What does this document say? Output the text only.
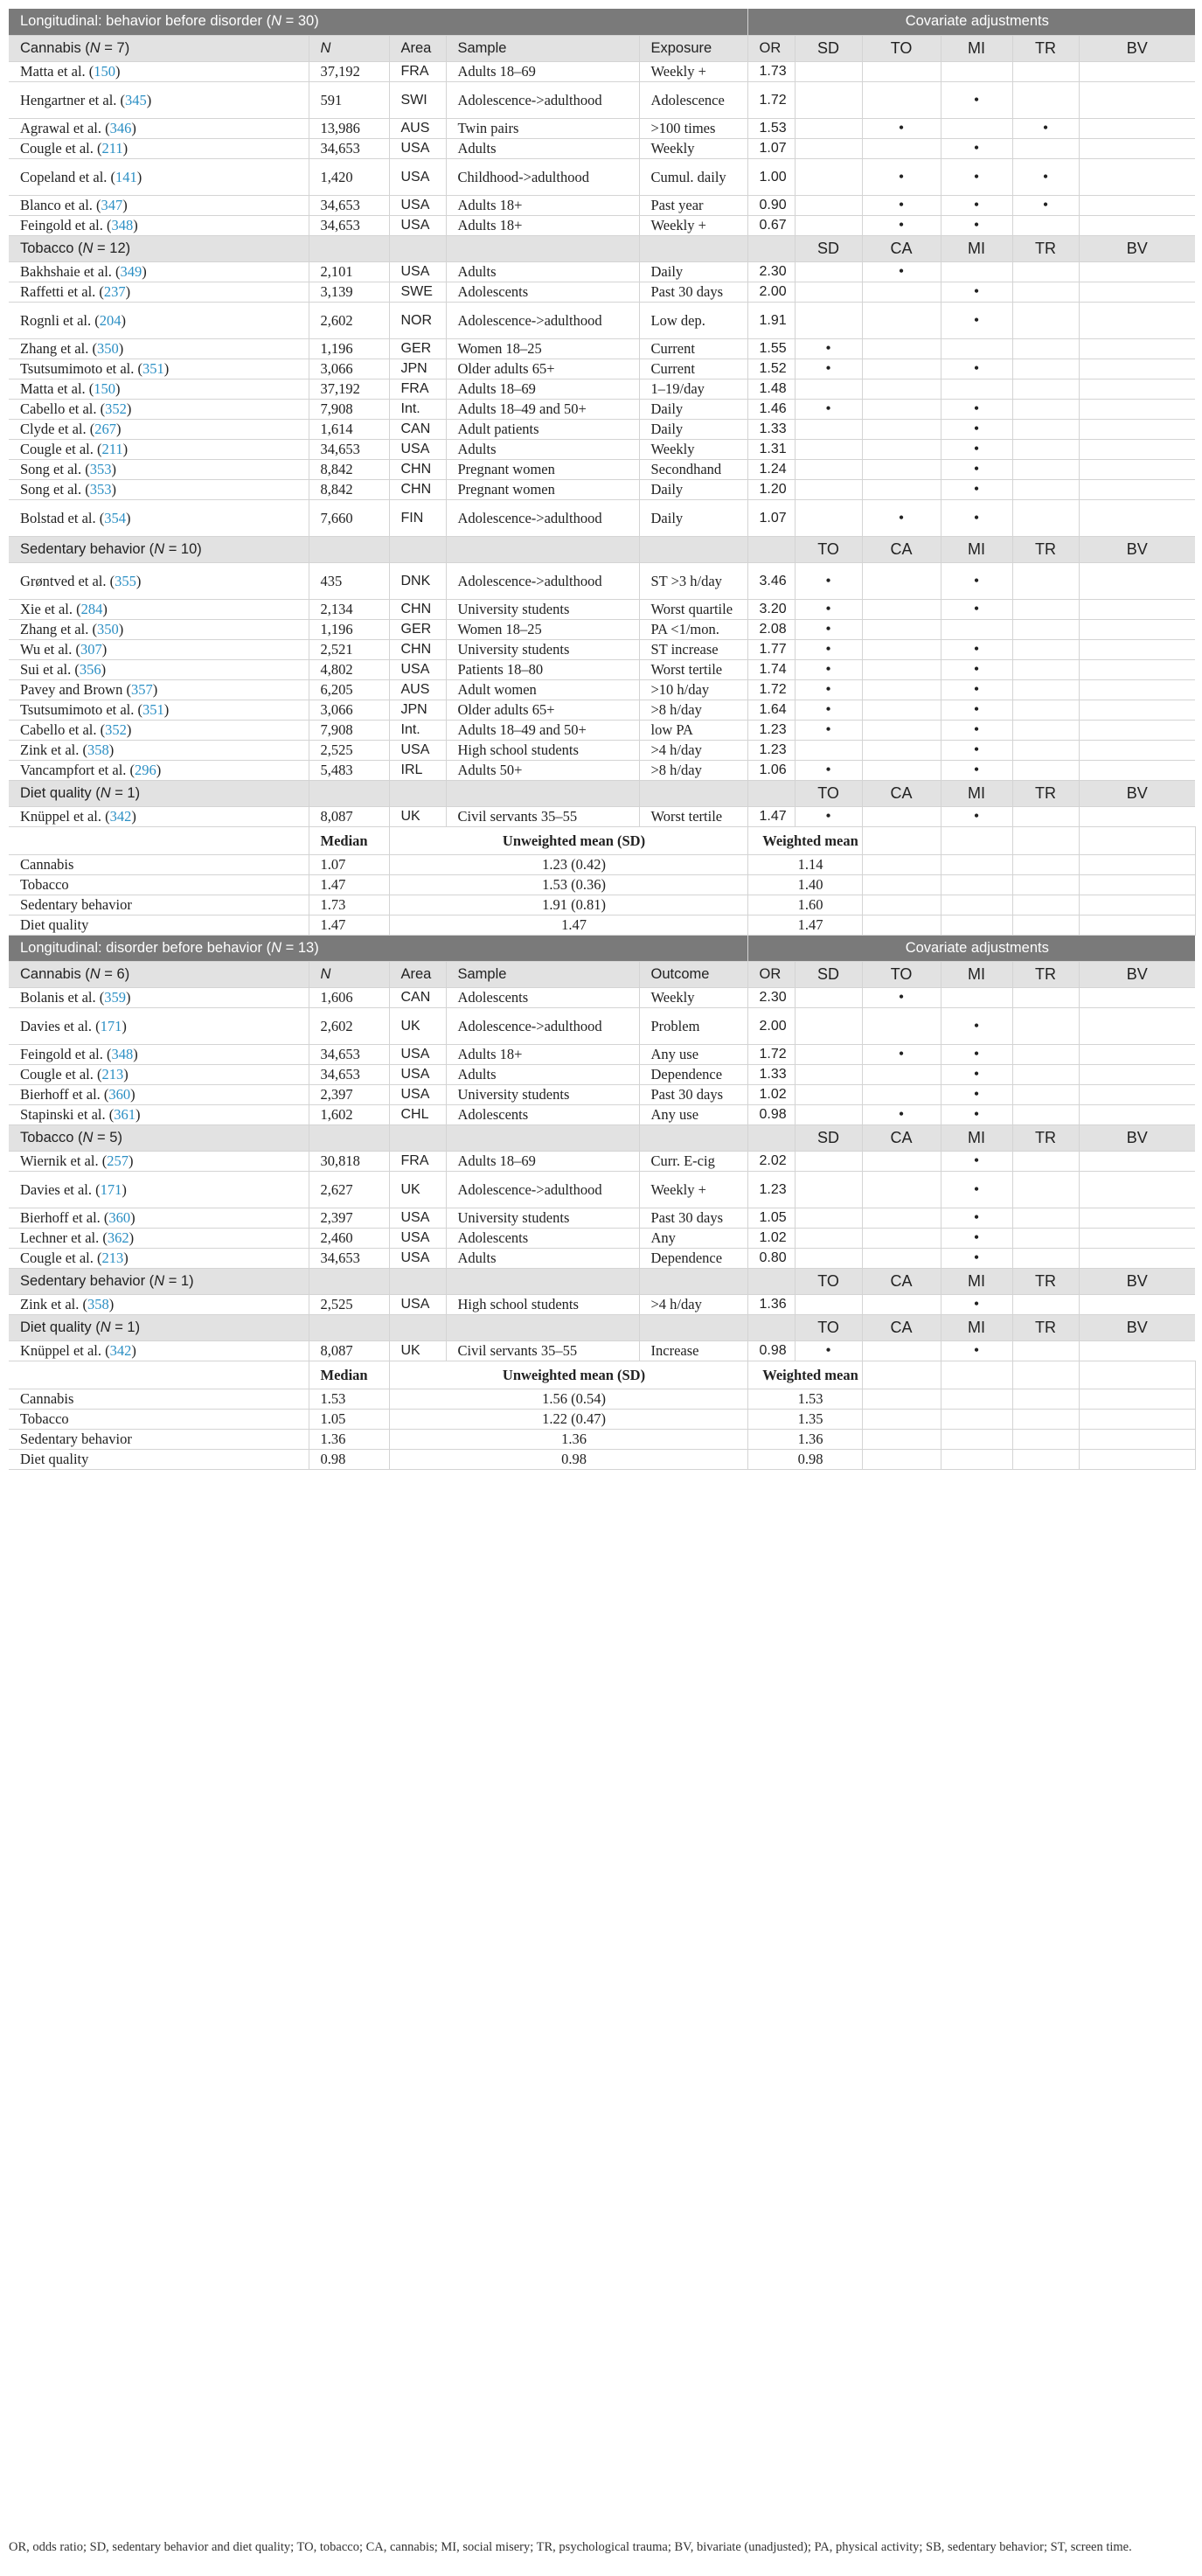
Longitudinal: behavior before disorder (N = 30)					Covariate adjustments						
Cannabis (N = 7)	N	Area	Sample	Exposure	OR	SD	TO	MI	TR	BV	
Matta et al. (150)	37,192	FRA	Adults 18–69	Weekly +	1.73						
Hengartner et al. (345)	591	SWI	Adolescence->adulthood	Adolescence	1.72			•			
Agrawal et al. (346)	13,986	AUS	Twin pairs	>100 times	1.53		•		•		
Cougle et al. (211)	34,653	USA	Adults	Weekly	1.07			•			
Copeland et al. (141)	1,420	USA	Childhood->adulthood	Cumul. daily	1.00		•	•	•		
Blanco et al. (347)	34,653	USA	Adults 18+	Past year	0.90		•	•	•		
Feingold et al. (348)	34,653	USA	Adults 18+	Weekly +	0.67		•	•			
Tobacco (N = 12)						SD	CA	MI	TR	BV	
Bakhshaie et al. (349)	2,101	USA	Adults	Daily	2.30		•				
Raffetti et al. (237)	3,139	SWE	Adolescents	Past 30 days	2.00			•			
Rognli et al. (204)	2,602	NOR	Adolescence->adulthood	Low dep.	1.91			•			
Zhang et al. (350)	1,196	GER	Women 18–25	Current	1.55	•					
Tsutsumimoto et al. (351)	3,066	JPN	Older adults 65+	Current	1.52	•		•			
Matta et al. (150)	37,192	FRA	Adults 18–69	1–19/day	1.48						
Cabello et al. (352)	7,908	Int.	Adults 18–49 and 50+	Daily	1.46	•		•			
Clyde et al. (267)	1,614	CAN	Adult patients	Daily	1.33			•			
Cougle et al. (211)	34,653	USA	Adults	Weekly	1.31			•			
Song et al. (353)	8,842	CHN	Pregnant women	Secondhand	1.24			•			
Song et al. (353)	8,842	CHN	Pregnant women	Daily	1.20			•			
Bolstad et al. (354)	7,660	FIN	Adolescence->adulthood	Daily	1.07		•	•			
Sedentary behavior (N = 10)						TO	CA	MI	TR	BV	
Grøntved et al. (355)	435	DNK	Adolescence->adulthood	ST >3 h/day	3.46	•		•			
Xie et al. (284)	2,134	CHN	University students	Worst quartile	3.20	•		•			
Zhang et al. (350)	1,196	GER	Women 18–25	PA <1/mon.	2.08	•					
Wu et al. (307)	2,521	CHN	University students	ST increase	1.77	•		•			
Sui et al. (356)	4,802	USA	Patients 18–80	Worst tertile	1.74	•		•			
Pavey and Brown (357)	6,205	AUS	Adult women	>10 h/day	1.72	•		•			
Tsutsumimoto et al. (351)	3,066	JPN	Older adults 65+	>8 h/day	1.64	•		•			
Cabello et al. (352)	7,908	Int.	Adults 18–49 and 50+	low PA	1.23	•		•			
Zink et al. (358)	2,525	USA	High school students	>4 h/day	1.23			•			
Vancampfort et al. (296)	5,483	IRL	Adults 50+	>8 h/day	1.06	•		•			
Diet quality (N = 1)						TO	CA	MI	TR	BV	
Knüppel et al. (342)	8,087	UK	Civil servants 35–55	Worst tertile	1.47	•		•			
	Median	Unweighted mean (SD)			Weighted mean						
Cannabis	1.07	1.23 (0.42)			1.14						
Tobacco	1.47	1.53 (0.36)			1.40						
Sedentary behavior	1.73	1.91 (0.81)			1.60						
Diet quality	1.47	1.47			1.47						
Longitudinal: disorder before behavior (N = 13)					Covariate adjustments						
Cannabis (N = 6)	N	Area	Sample	Outcome	OR	SD	TO	MI	TR	BV	
Bolanis et al. (359)	1,606	CAN	Adolescents	Weekly	2.30		•				
Davies et al. (171)	2,602	UK	Adolescence->adulthood	Problem	2.00			•			
Feingold et al. (348)	34,653	USA	Adults 18+	Any use	1.72		•	•			
Cougle et al. (213)	34,653	USA	Adults	Dependence	1.33			•			
Bierhoff et al. (360)	2,397	USA	University students	Past 30 days	1.02			•			
Stapinski et al. (361)	1,602	CHL	Adolescents	Any use	0.98		•	•			
Tobacco (N = 5)						SD	CA	MI	TR	BV	
Wiernik et al. (257)	30,818	FRA	Adults 18–69	Curr. E-cig	2.02			•			
Davies et al. (171)	2,627	UK	Adolescence->adulthood	Weekly +	1.23			•			
Bierhoff et al. (360)	2,397	USA	University students	Past 30 days	1.05			•			
Lechner et al. (362)	2,460	USA	Adolescents	Any	1.02			•			
Cougle et al. (213)	34,653	USA	Adults	Dependence	0.80			•			
Sedentary behavior (N = 1)						TO	CA	MI	TR	BV	
Zink et al. (358)	2,525	USA	High school students	>4 h/day	1.36			•			
Diet quality (N = 1)						TO	CA	MI	TR	BV	
Knüppel et al. (342)	8,087	UK	Civil servants 35–55	Increase	0.98	•		•			
	Median	Unweighted mean (SD)			Weighted mean						
Cannabis	1.53	1.56 (0.54)			1.53						
Tobacco	1.05	1.22 (0.47)			1.35						
Sedentary behavior	1.36	1.36			1.36						
Diet quality	0.98	0.98			0.98						
OR, odds ratio; SD, sedentary behavior and diet quality; TO, tobacco; CA, cannabis; MI, social misery; TR, psychological trauma; BV, bivariate (unadjusted); PA, physical activity; SB, sedentary behavior; ST, screen time.
